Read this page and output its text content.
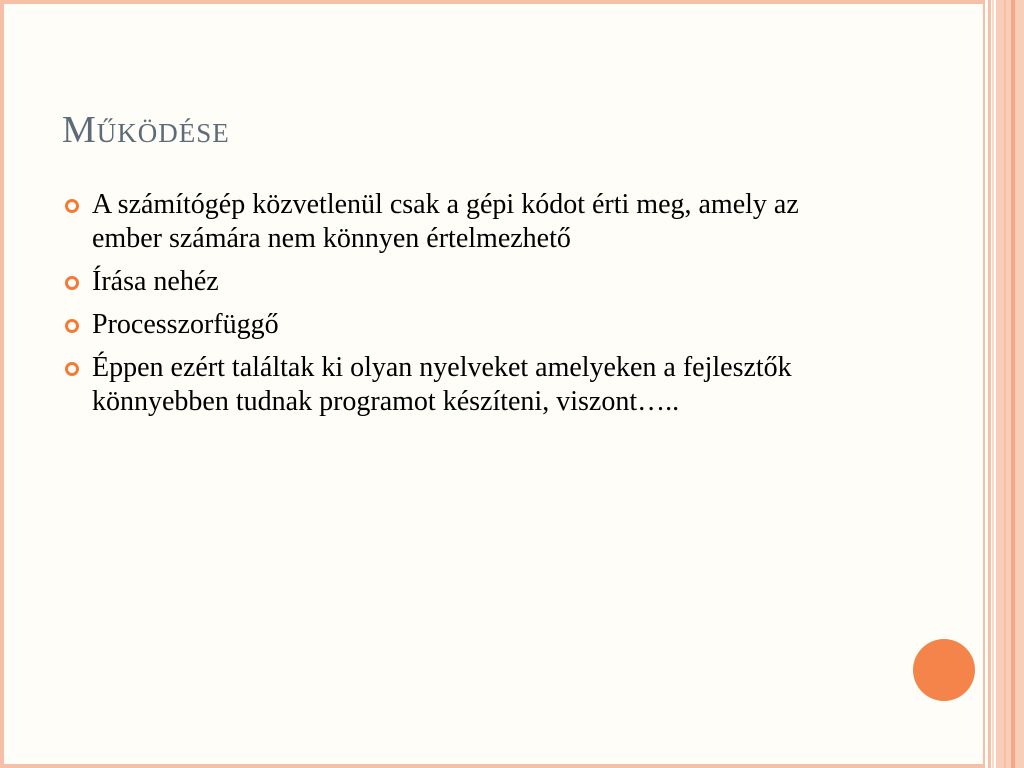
Működése
A számítógép közvetlenül csak a gépi kódot érti meg, amely az ember számára nem könnyen értelmezhető
Írása nehéz
Processzorfüggő
Éppen ezért találtak ki olyan nyelveket amelyeken a fejlesztők könnyebben tudnak programot készíteni, viszont…..
